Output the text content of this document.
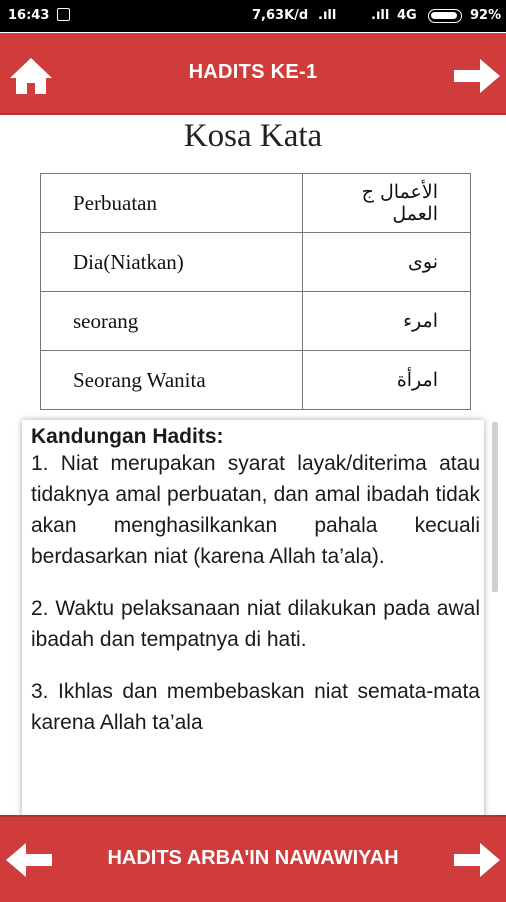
16:43	7,63K/d .ıll	.ıll 4G	92%
HADITS KE-1
Kosa Kata
Perbuatan	الأعمال ج العمل
Dia(Niatkan)	نوى
seorang	امرء
Seorang Wanita	امرأة
Kandungan Hadits:

1. Niat merupakan syarat layak/diterima atau tidaknya amal perbuatan, dan amal ibadah tidak akan menghasilkankan pahala kecuali berdasarkan niat (karena Allah ta’ala).

2. Waktu pelaksanaan niat dilakukan pada awal ibadah dan tempatnya di hati.

3. Ikhlas dan membebaskan niat semata-mata karena Allah ta’ala

HADITS ARBA'IN NAWAWIYAH
